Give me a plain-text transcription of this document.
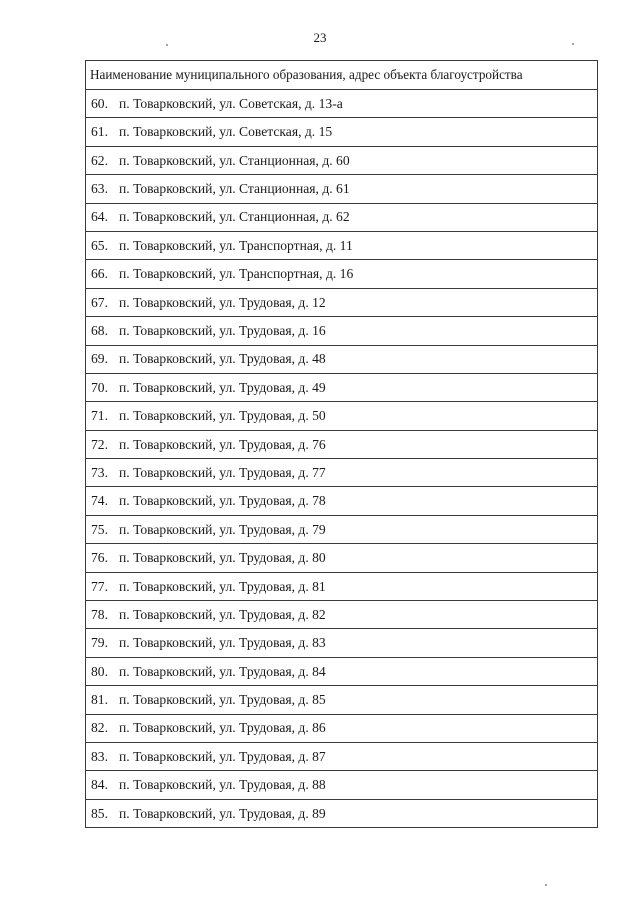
23
Наименование муниципального образования, адрес объекта благоустройства
60. п. Товарковский, ул. Советская, д. 13-а
61. п. Товарковский, ул. Советская, д. 15
62. п. Товарковский, ул. Станционная, д. 60
63. п. Товарковский, ул. Станционная, д. 61
64. п. Товарковский, ул. Станционная, д. 62
65. п. Товарковский, ул. Транспортная, д. 11
66. п. Товарковский, ул. Транспортная, д. 16
67. п. Товарковский, ул. Трудовая, д. 12
68. п. Товарковский, ул. Трудовая, д. 16
69. п. Товарковский, ул. Трудовая, д. 48
70. п. Товарковский, ул. Трудовая, д. 49
71. п. Товарковский, ул. Трудовая, д. 50
72. п. Товарковский, ул. Трудовая, д. 76
73. п. Товарковский, ул. Трудовая, д. 77
74. п. Товарковский, ул. Трудовая, д. 78
75. п. Товарковский, ул. Трудовая, д. 79
76. п. Товарковский, ул. Трудовая, д. 80
77. п. Товарковский, ул. Трудовая, д. 81
78. п. Товарковский, ул. Трудовая, д. 82
79. п. Товарковский, ул. Трудовая, д. 83
80. п. Товарковский, ул. Трудовая, д. 84
81. п. Товарковский, ул. Трудовая, д. 85
82. п. Товарковский, ул. Трудовая, д. 86
83. п. Товарковский, ул. Трудовая, д. 87
84. п. Товарковский, ул. Трудовая, д. 88
85. п. Товарковский, ул. Трудовая, д. 89
